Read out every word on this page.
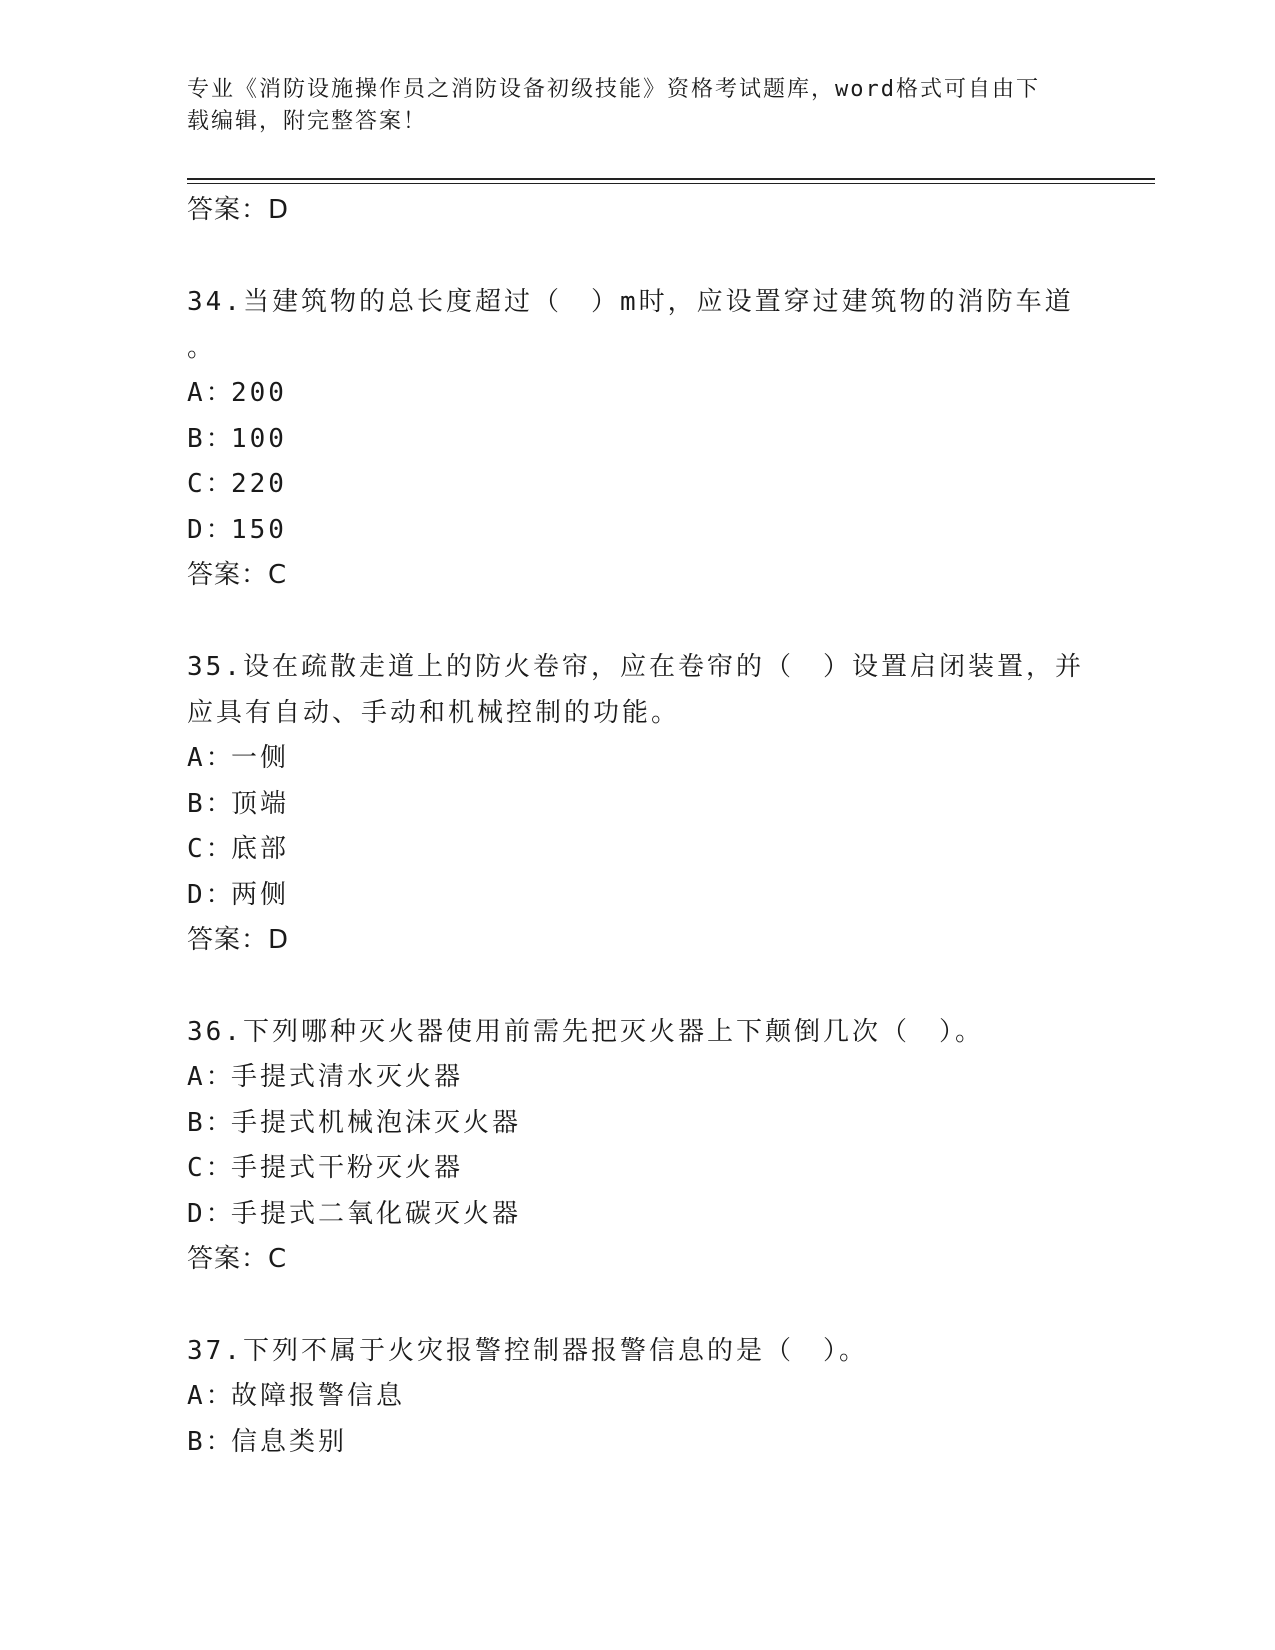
专业《消防设施操作员之消防设备初级技能》资格考试题库，word格式可自由下
载编辑，附完整答案！

答案：D

34.当建筑物的总长度超过（　）m时，应设置穿过建筑物的消防车道

。

A：200

B：100

C：220

D：150

答案：C

35.设在疏散走道上的防火卷帘，应在卷帘的（　）设置启闭装置，并

应具有自动、手动和机械控制的功能。

A：一侧

B：顶端

C：底部

D：两侧

答案：D

36.下列哪种灭火器使用前需先把灭火器上下颠倒几次（　）。

A：手提式清水灭火器

B：手提式机械泡沫灭火器

C：手提式干粉灭火器

D：手提式二氧化碳灭火器

答案：C

37.下列不属于火灾报警控制器报警信息的是（　）。

A：故障报警信息

B：信息类别
